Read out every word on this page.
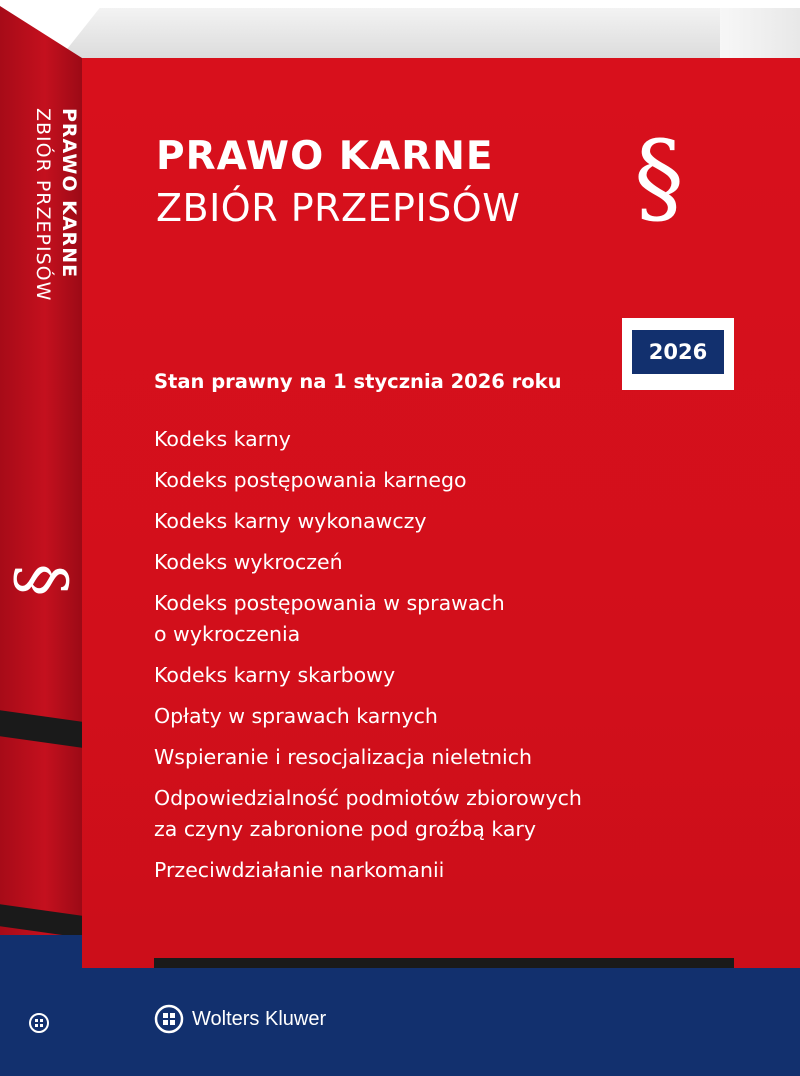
PRAWO KARNE
ZBIÓR PRZEPISÓW
§
PRAWO KARNE
ZBIÓR PRZEPISÓW §
2026
Stan prawny na 1 stycznia 2026 roku
Kodeks karny
Kodeks postępowania karnego
Kodeks karny wykonawczy
Kodeks wykroczeń
Kodeks postępowania w sprawach
o wykroczenia
Kodeks karny skarbowy
Opłaty w sprawach karnych
Wspieranie i resocjalizacja nieletnich
Odpowiedzialność podmiotów zbiorowych
za czyny zabronione pod groźbą kary
Przeciwdziałanie narkomanii
Wolters Kluwer
